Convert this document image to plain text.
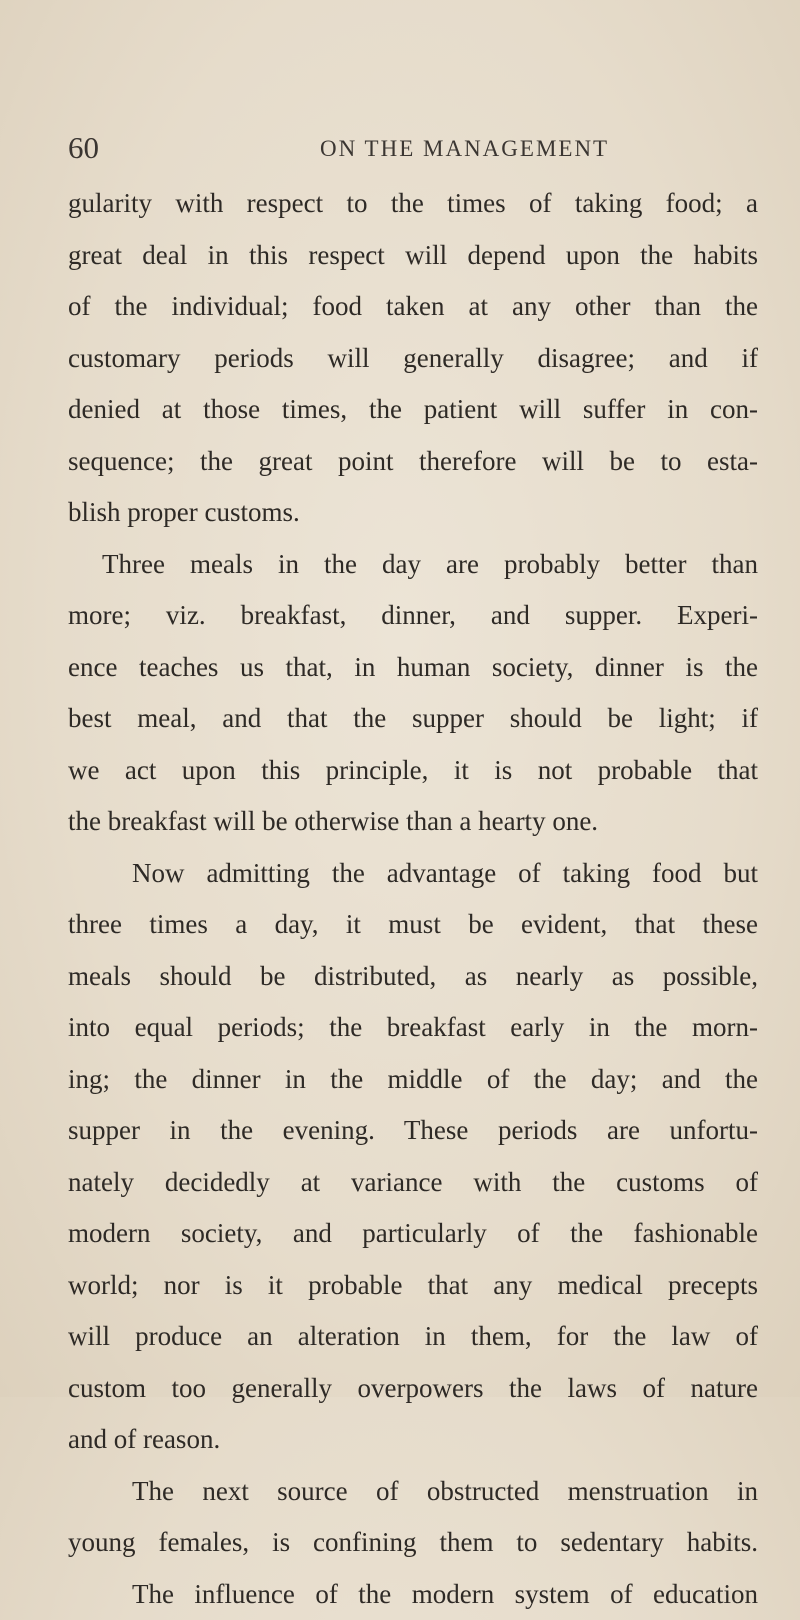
60	ON THE MANAGEMENT
gularity with respect to the times of taking food; a
great deal in this respect will depend upon the habits
of the individual; food taken at any other than the
customary periods will generally disagree; and if
denied at those times, the patient will suffer in con-
sequence; the great point therefore will be to esta-
blish proper customs.
Three meals in the day are probably better than
more; viz. breakfast, dinner, and supper. Experi-
ence teaches us that, in human society, dinner is the
best meal, and that the supper should be light; if
we act upon this principle, it is not probable that
the breakfast will be otherwise than a hearty one.
Now admitting the advantage of taking food but
three times a day, it must be evident, that these
meals should be distributed, as nearly as possible,
into equal periods; the breakfast early in the morn-
ing; the dinner in the middle of the day; and the
supper in the evening. These periods are unfortu-
nately decidedly at variance with the customs of
modern society, and particularly of the fashionable
world; nor is it probable that any medical precepts
will produce an alteration in them, for the law of
custom too generally overpowers the laws of nature
and of reason.
The next source of obstructed menstruation in
young females, is confining them to sedentary habits.
The influence of the modern system of education
